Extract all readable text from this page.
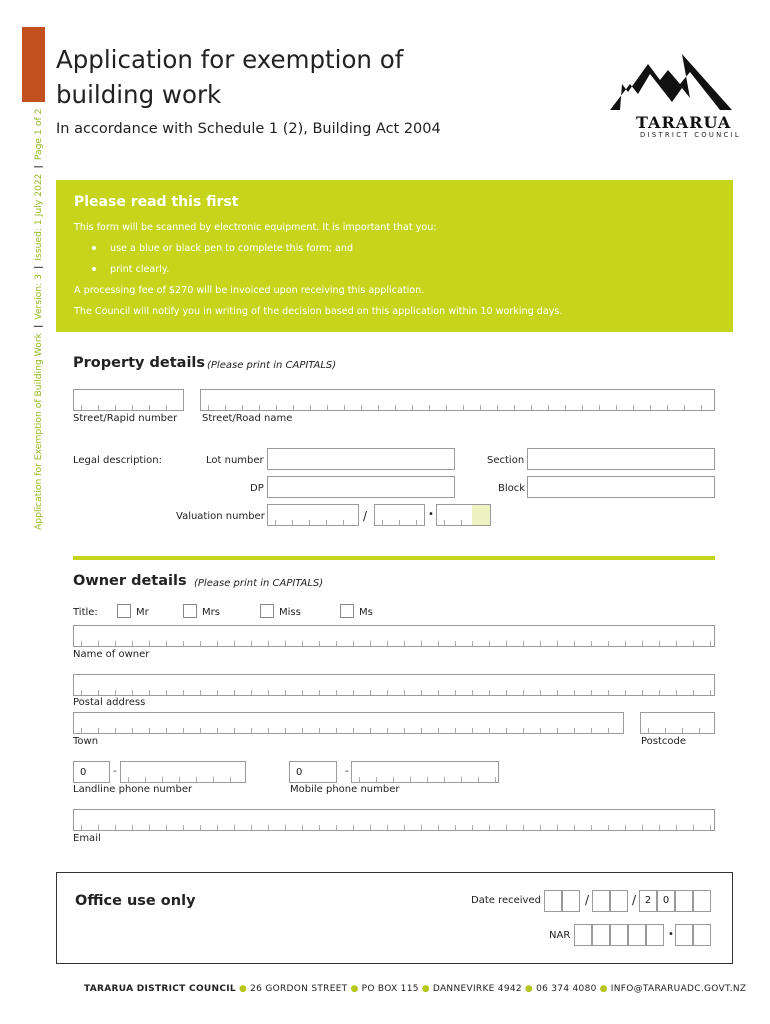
Application for Exemption of Building Work|Version: 3|Issued: 1 July 2022|Page 1 of 2
Application for exemption of building work
In accordance with Schedule 1 (2), Building Act 2004	TARARUA
DISTRICT COUNCIL
Please read this first

This form will be scanned by electronic equipment. It is important that you:

use a blue or black pen to complete this form; and
print clearly.

A processing fee of $270 will be invoiced upon receiving this application.

The Council will notify you in writing of the decision based on this application within 10 working days.

Property details (Please print in CAPITALS)
Street/Rapid number Street/Road name
Legal description:	Lot number	Section
DP	Block
Valuation number	/	•
Owner details (Please print in CAPITALS)
Title:	Mr	Mrs	Miss	Ms
Name of owner
Postal address
Town	Postcode
0	-
Landline phone number
0	-
Mobile phone number
Email
Office use only	Date received	/	/ 2	0
NAR	•
TARARUA DISTRICT COUNCIL ● 26 GORDON STREET ● PO BOX 115 ● DANNEVIRKE 4942 ● 06 374 4080 ● INFO@TARARUADC.GOVT.NZ
